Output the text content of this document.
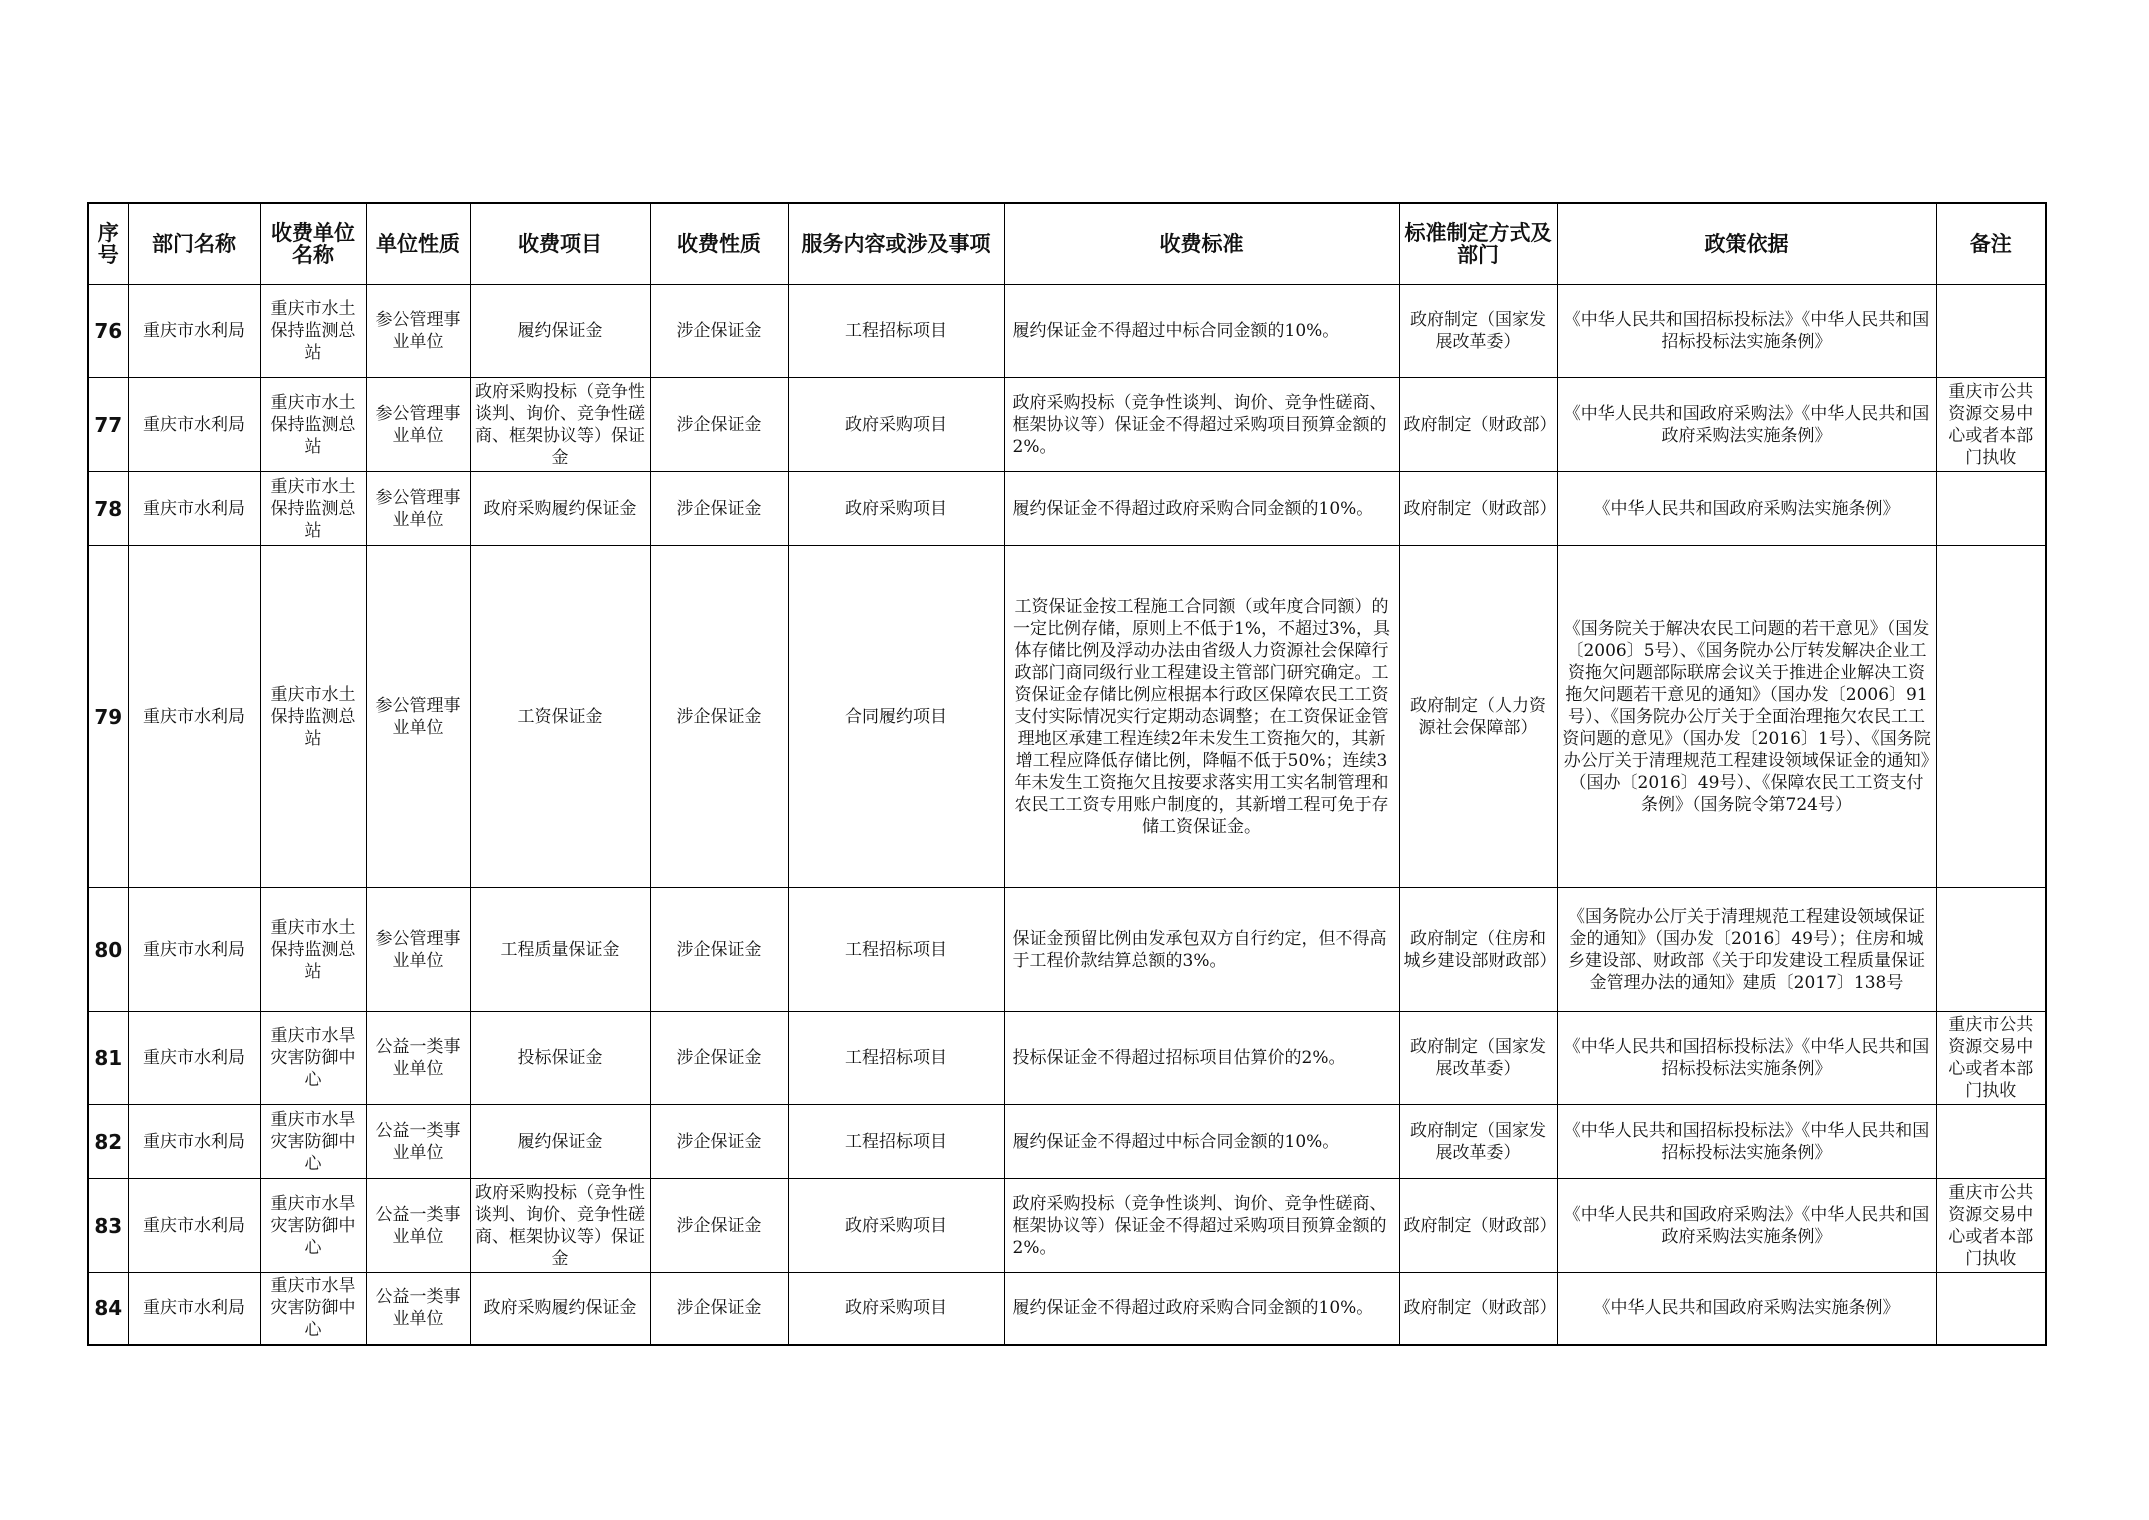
序号	部门名称	收费单位名称	单位性质	收费项目	收费性质	服务内容或涉及事项	收费标准	标准制定方式及部门	政策依据	备注
76	重庆市水利局	重庆市水土保持监测总站	参公管理事业单位	履约保证金	涉企保证金	工程招标项目	履约保证金不得超过中标合同金额的10%。	政府制定（国家发展改革委）	《中华人民共和国招标投标法》《中华人民共和国招标投标法实施条例》	
77	重庆市水利局	重庆市水土保持监测总站	参公管理事业单位	政府采购投标（竞争性谈判、询价、竞争性磋商、框架协议等）保证金	涉企保证金	政府采购项目	政府采购投标（竞争性谈判、询价、竞争性磋商、框架协议等）保证金不得超过采购项目预算金额的2%。	政府制定（财政部）	《中华人民共和国政府采购法》《中华人民共和国政府采购法实施条例》	重庆市公共资源交易中心或者本部门执收
78	重庆市水利局	重庆市水土保持监测总站	参公管理事业单位	政府采购履约保证金	涉企保证金	政府采购项目	履约保证金不得超过政府采购合同金额的10%。	政府制定（财政部）	《中华人民共和国政府采购法实施条例》	
79	重庆市水利局	重庆市水土保持监测总站	参公管理事业单位	工资保证金	涉企保证金	合同履约项目	工资保证金按工程施工合同额（或年度合同额）的一定比例存储，原则上不低于1%，不超过3%，具体存储比例及浮动办法由省级人力资源社会保障行政部门商同级行业工程建设主管部门研究确定。工资保证金存储比例应根据本行政区保障农民工工资支付实际情况实行定期动态调整；在工资保证金管理地区承建工程连续2年未发生工资拖欠的，其新增工程应降低存储比例，降幅不低于50%；连续3年未发生工资拖欠且按要求落实用工实名制管理和农民工工资专用账户制度的，其新增工程可免于存储工资保证金。	政府制定（人力资源社会保障部）	《国务院关于解决农民工问题的若干意见》（国发〔2006〕5号）、《国务院办公厅转发解决企业工资拖欠问题部际联席会议关于推进企业解决工资拖欠问题若干意见的通知》（国办发〔2006〕91号）、《国务院办公厅关于全面治理拖欠农民工工资问题的意见》（国办发〔2016〕1号）、《国务院办公厅关于清理规范工程建设领域保证金的通知》（国办〔2016〕49号）、《保障农民工工资支付条例》（国务院令第724号）	
80	重庆市水利局	重庆市水土保持监测总站	参公管理事业单位	工程质量保证金	涉企保证金	工程招标项目	保证金预留比例由发承包双方自行约定，但不得高于工程价款结算总额的3%。	政府制定（住房和城乡建设部财政部）	《国务院办公厅关于清理规范工程建设领域保证金的通知》（国办发〔2016〕49号）；住房和城乡建设部、财政部《关于印发建设工程质量保证金管理办法的通知》建质〔2017〕138号	
81	重庆市水利局	重庆市水旱灾害防御中心	公益一类事业单位	投标保证金	涉企保证金	工程招标项目	投标保证金不得超过招标项目估算价的2%。	政府制定（国家发展改革委）	《中华人民共和国招标投标法》《中华人民共和国招标投标法实施条例》	重庆市公共资源交易中心或者本部门执收
82	重庆市水利局	重庆市水旱灾害防御中心	公益一类事业单位	履约保证金	涉企保证金	工程招标项目	履约保证金不得超过中标合同金额的10%。	政府制定（国家发展改革委）	《中华人民共和国招标投标法》《中华人民共和国招标投标法实施条例》	
83	重庆市水利局	重庆市水旱灾害防御中心	公益一类事业单位	政府采购投标（竞争性谈判、询价、竞争性磋商、框架协议等）保证金	涉企保证金	政府采购项目	政府采购投标（竞争性谈判、询价、竞争性磋商、框架协议等）保证金不得超过采购项目预算金额的2%。	政府制定（财政部）	《中华人民共和国政府采购法》《中华人民共和国政府采购法实施条例》	重庆市公共资源交易中心或者本部门执收
84	重庆市水利局	重庆市水旱灾害防御中心	公益一类事业单位	政府采购履约保证金	涉企保证金	政府采购项目	履约保证金不得超过政府采购合同金额的10%。	政府制定（财政部）	《中华人民共和国政府采购法实施条例》	
